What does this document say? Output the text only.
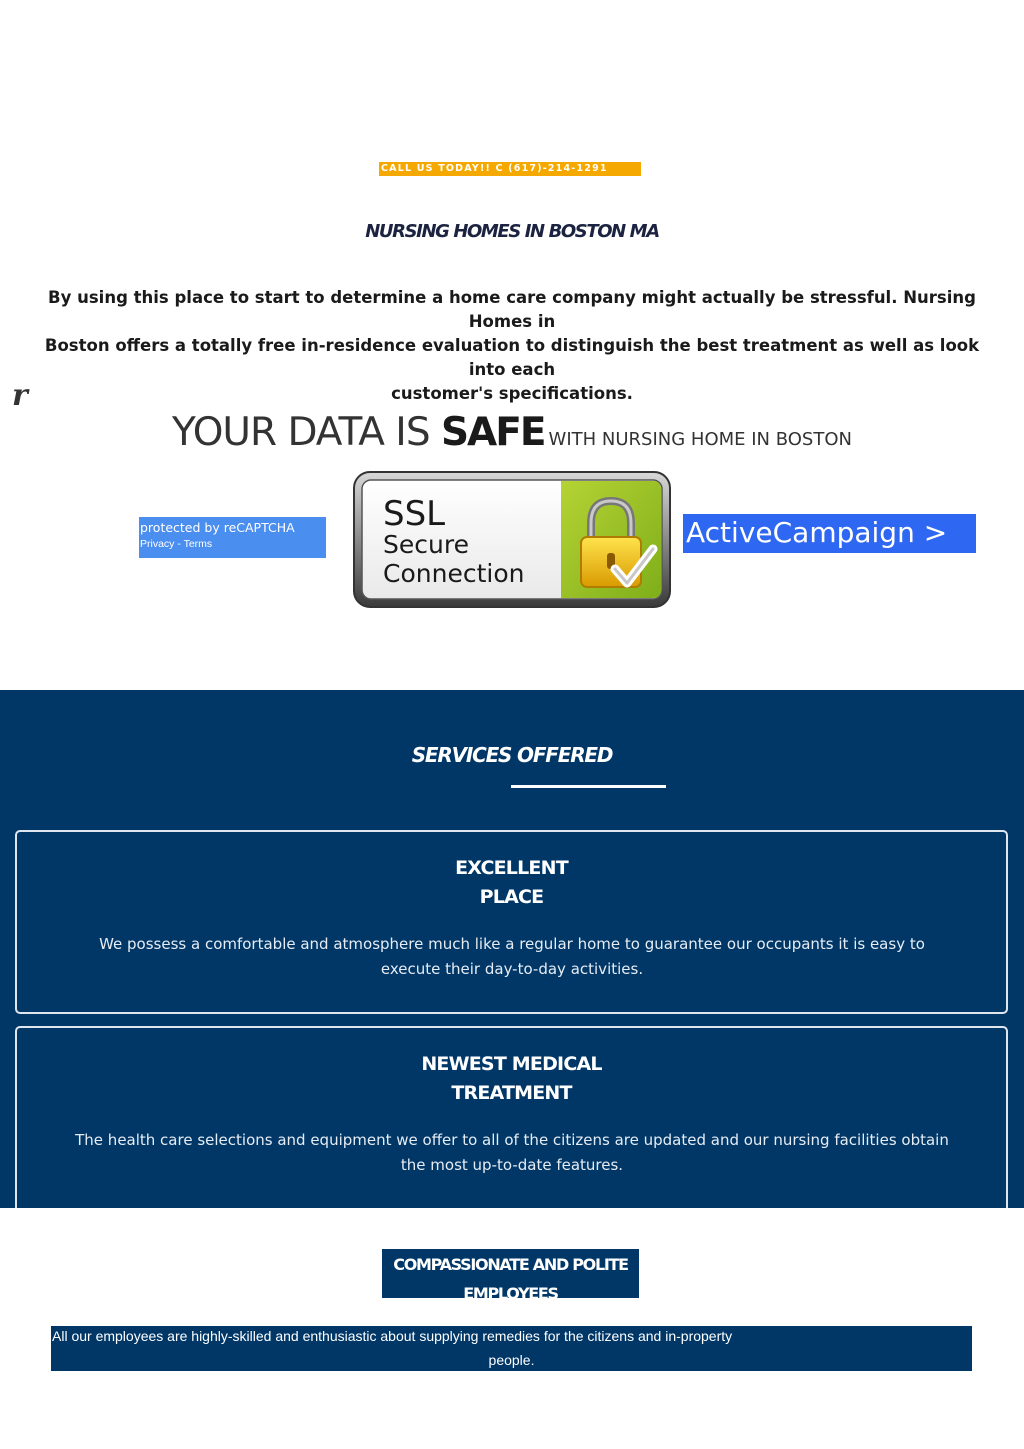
CALL US TODAY!! C (617)-214-1291
NURSING HOMES IN BOSTON MA

By using this place to start to determine a home care company might actually be stressful. Nursing Homes in
Boston offers a totally free in-residence evaluation to distinguish the best treatment as well as look into each
customer's specifications.

r
YOUR DATA IS SAFE WITH NURSING HOME IN BOSTON
protected by reCAPTCHA
Privacy - Terms
SSL
Secure
Connection
ActiveCampaign >
SERVICES OFFERED
EXCELLENT
PLACE

We possess a comfortable and atmosphere much like a regular home to guarantee our occupants it is easy to
execute their day-to-day activities.

NEWEST MEDICAL
TREATMENT

The health care selections and equipment we offer to all of the citizens are updated and our nursing facilities obtain
the most up-to-date features.

COMPASSIONATE AND POLITE
EMPLOYEES

All our employees are highly-skilled and enthusiastic about supplying remedies for the citizens and in-property
people.
